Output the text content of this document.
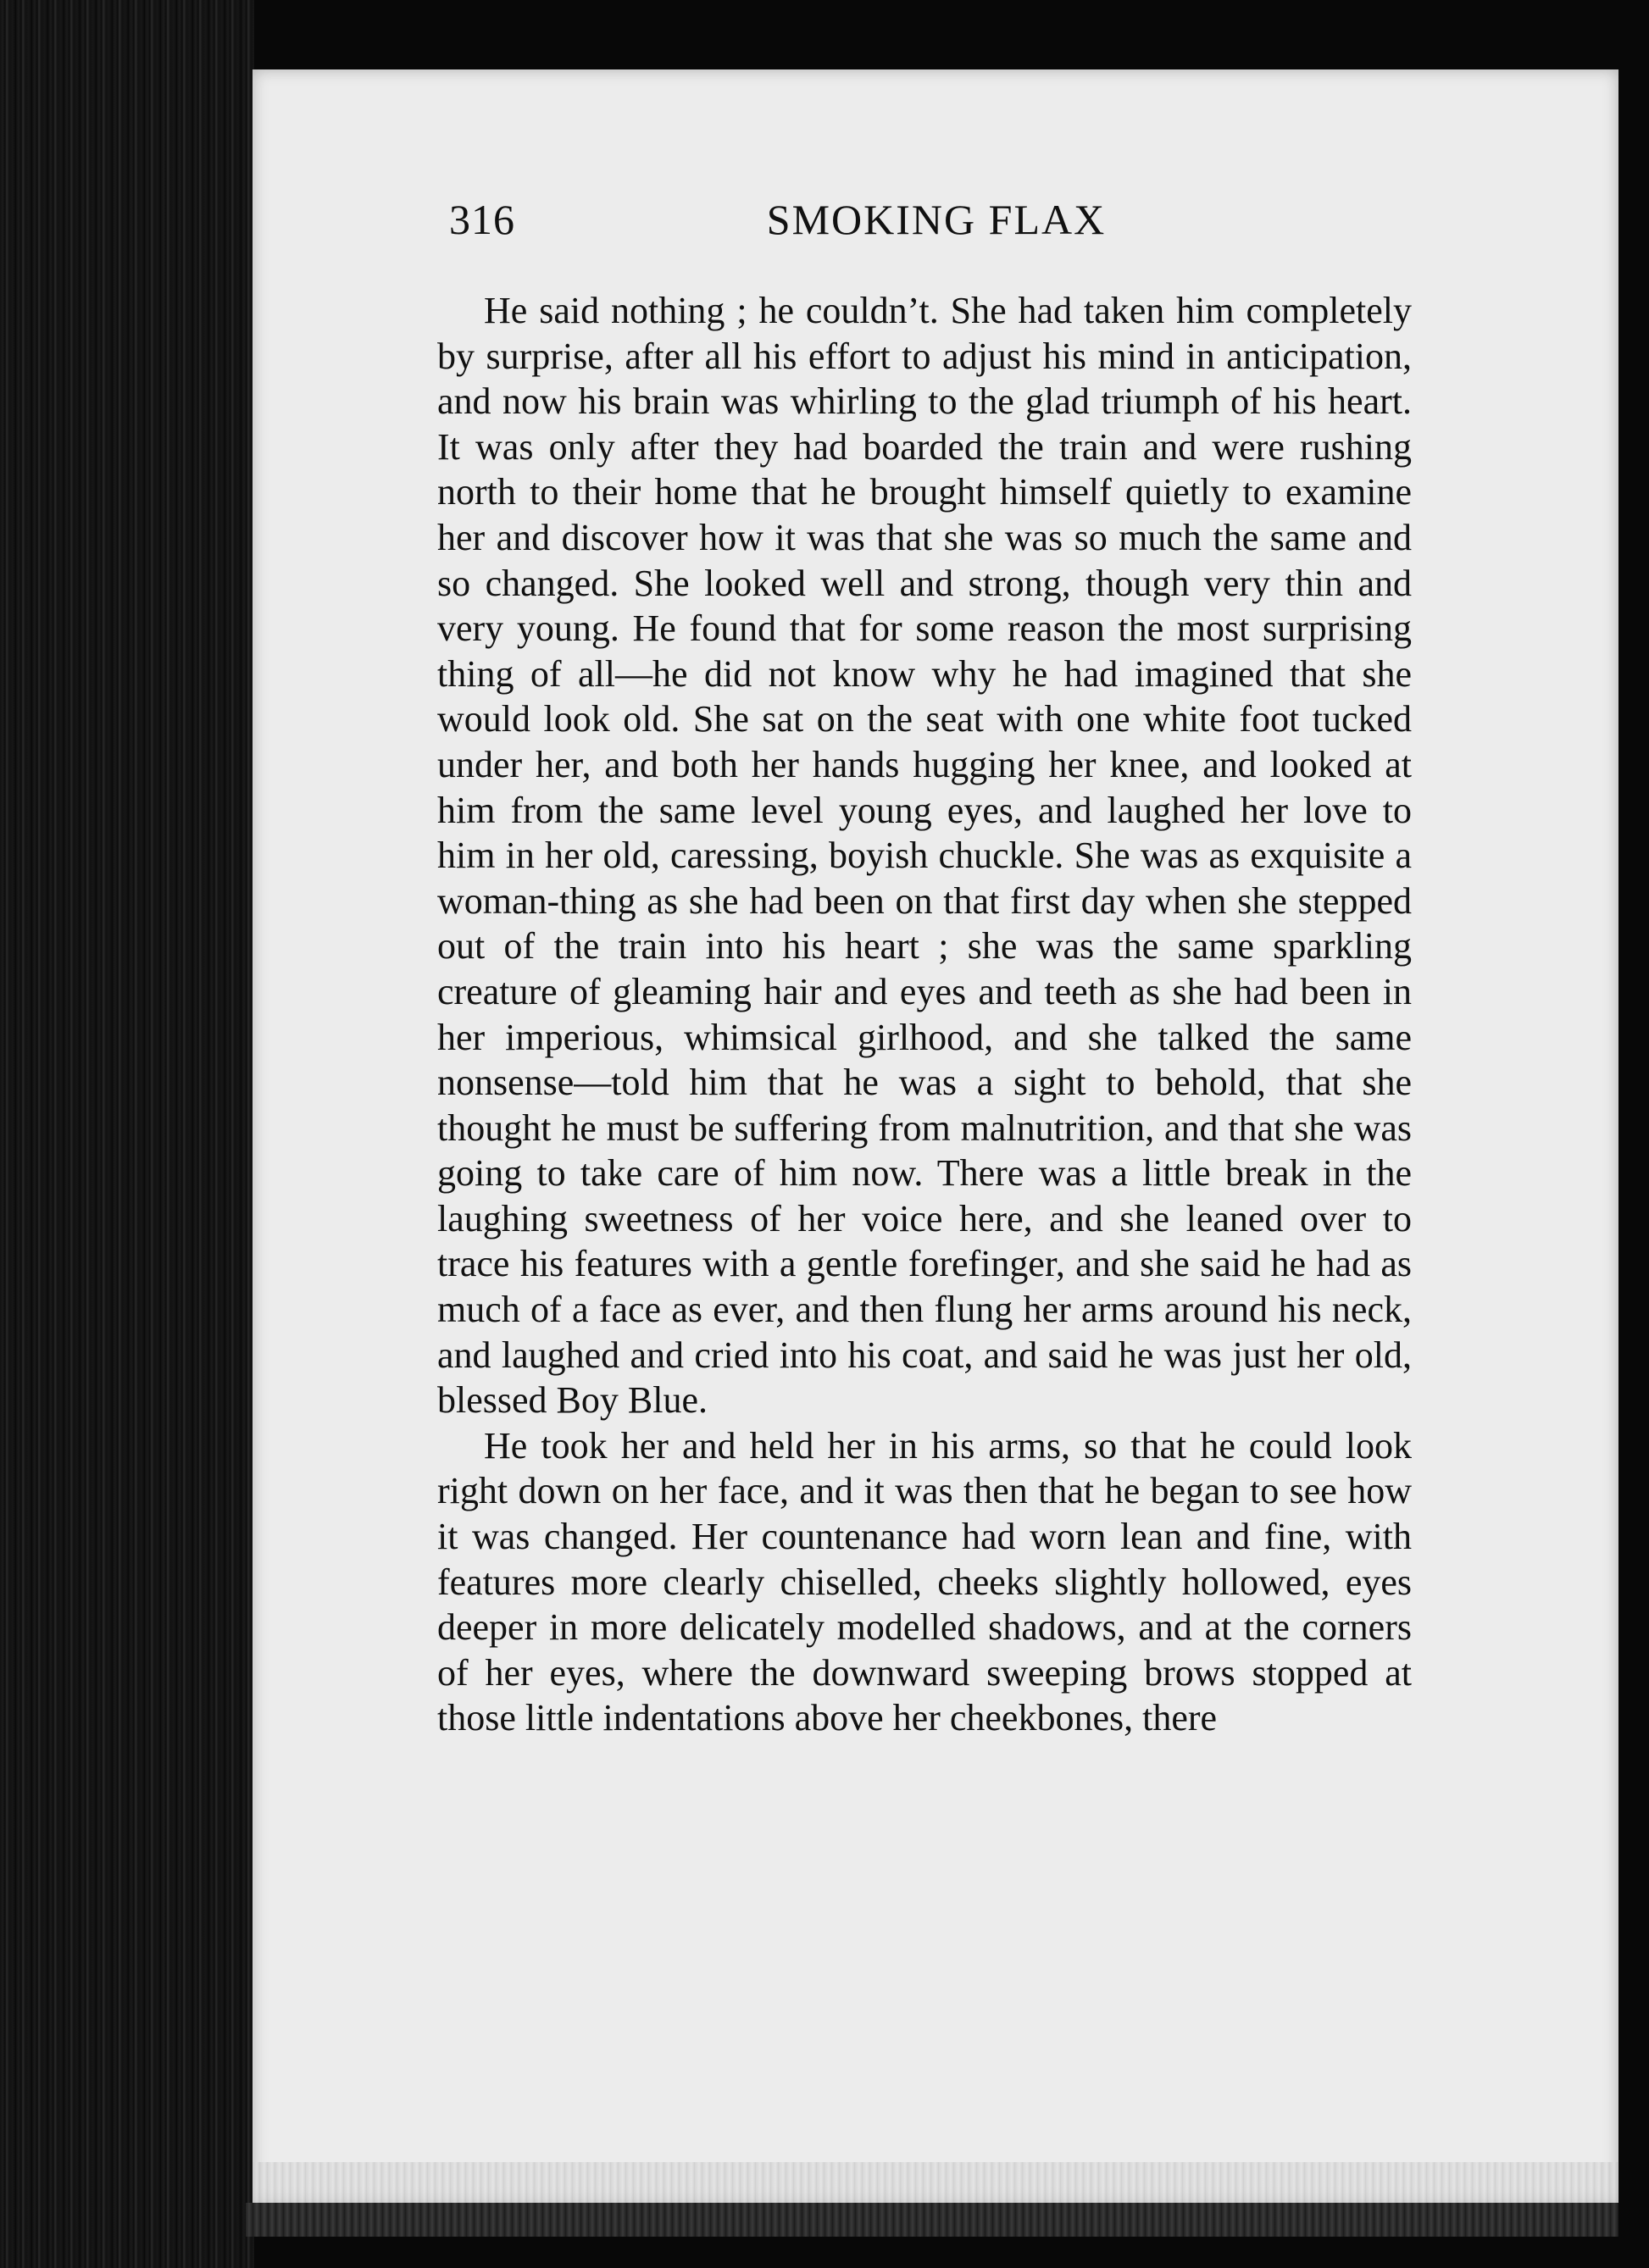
316	SMOKING FLAX

He said nothing ; he couldn’t. She had taken him completely by surprise, after all his effort to adjust his mind in anticipation, and now his brain was whirling to the glad triumph of his heart. It was only after they had boarded the train and were rushing north to their home that he brought himself quietly to examine her and discover how it was that she was so much the same and so changed. She looked well and strong, though very thin and very young. He found that for some reason the most surprising thing of all—he did not know why he had imagined that she would look old. She sat on the seat with one white foot tucked under her, and both her hands hugging her knee, and looked at him from the same level young eyes, and laughed her love to him in her old, caressing, boyish chuckle. She was as exquisite a woman-thing as she had been on that first day when she stepped out of the train into his heart ; she was the same sparkling creature of gleaming hair and eyes and teeth as she had been in her imperious, whimsical girlhood, and she talked the same nonsense—told him that he was a sight to behold, that she thought he must be suffering from malnutrition, and that she was going to take care of him now. There was a little break in the laughing sweetness of her voice here, and she leaned over to trace his features with a gentle forefinger, and she said he had as much of a face as ever, and then flung her arms around his neck, and laughed and cried into his coat, and said he was just her old, blessed Boy Blue.

He took her and held her in his arms, so that he could look right down on her face, and it was then that he began to see how it was changed. Her countenance had worn lean and fine, with features more clearly chiselled, cheeks slightly hollowed, eyes deeper in more delicately modelled shadows, and at the corners of her eyes, where the downward sweeping brows stopped at those little indentations above her cheekbones, there
